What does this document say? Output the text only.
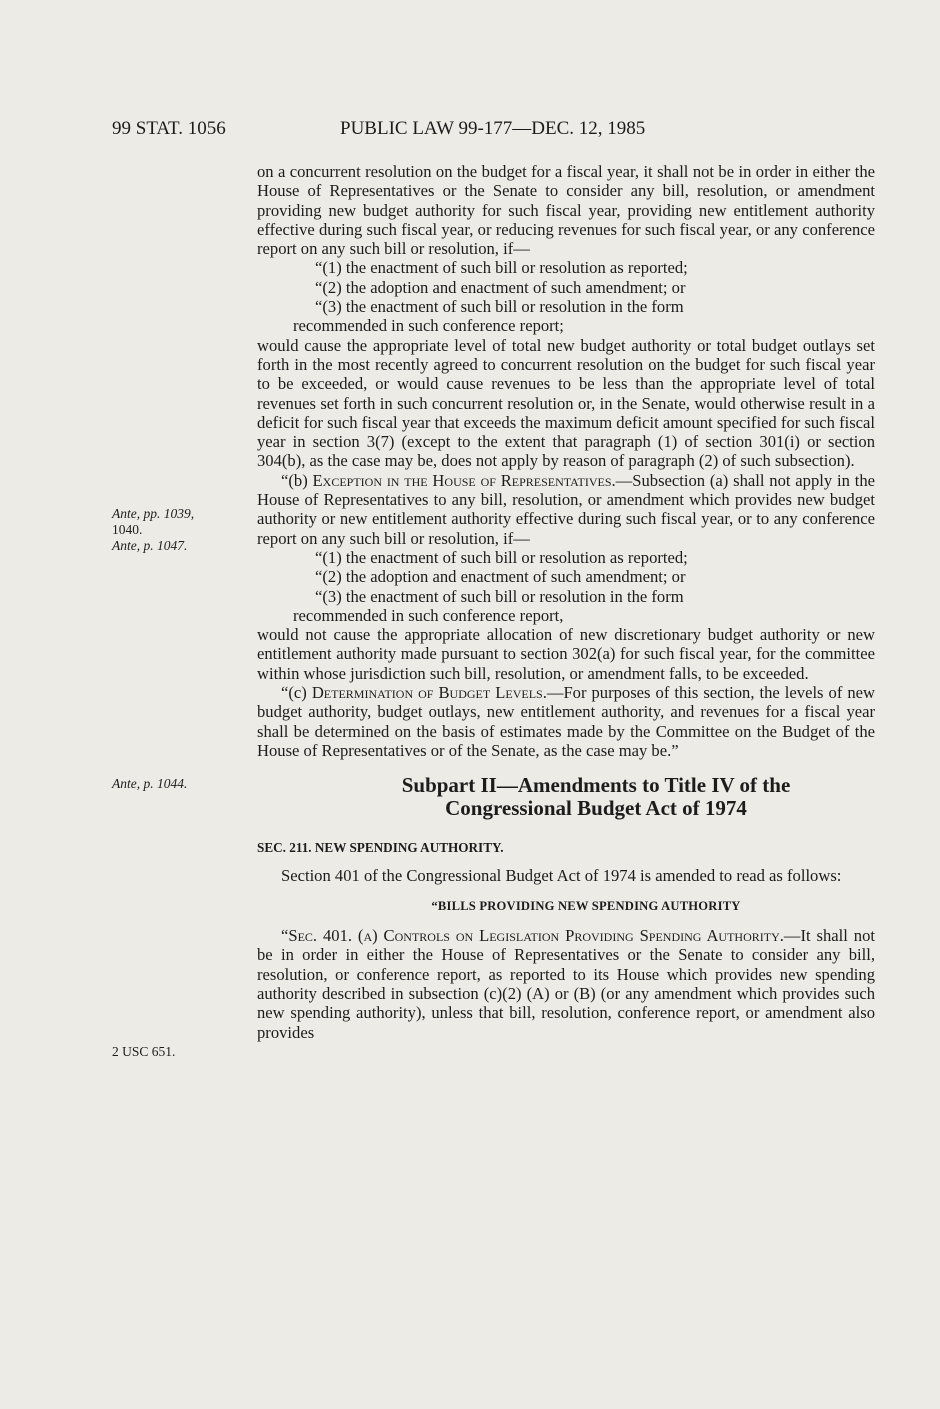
99 STAT. 1056	PUBLIC LAW 99-177—DEC. 12, 1985
Ante, pp. 1039,
1040.
Ante, p. 1047.
Ante, p. 1044.
2 USC 651.

on a concurrent resolution on the budget for a fiscal year, it shall not be in order in either the House of Representatives or the Senate to consider any bill, resolution, or amendment providing new budget authority for such fiscal year, providing new entitlement authority effective during such fiscal year, or reducing revenues for such fiscal year, or any conference report on any such bill or resolution, if—

“(1) the enactment of such bill or resolution as reported;

“(2) the adoption and enactment of such amendment; or

“(3) the enactment of such bill or resolution in the form

recommended in such conference report;

would cause the appropriate level of total new budget authority or total budget outlays set forth in the most recently agreed to concurrent resolution on the budget for such fiscal year to be exceeded, or would cause revenues to be less than the appropriate level of total revenues set forth in such concurrent resolution or, in the Senate, would otherwise result in a deficit for such fiscal year that exceeds the maximum deficit amount specified for such fiscal year in section 3(7) (except to the extent that paragraph (1) of section 301(i) or section 304(b), as the case may be, does not apply by reason of paragraph (2) of such subsection).

“(b) Exception in the House of Representatives.—Subsection (a) shall not apply in the House of Representatives to any bill, resolution, or amendment which provides new budget authority or new entitlement authority effective during such fiscal year, or to any conference report on any such bill or resolution, if—

“(1) the enactment of such bill or resolution as reported;

“(2) the adoption and enactment of such amendment; or

“(3) the enactment of such bill or resolution in the form

recommended in such conference report,

would not cause the appropriate allocation of new discretionary budget authority or new entitlement authority made pursuant to section 302(a) for such fiscal year, for the committee within whose jurisdiction such bill, resolution, or amendment falls, to be exceeded.

“(c) Determination of Budget Levels.—For purposes of this section, the levels of new budget authority, budget outlays, new entitlement authority, and revenues for a fiscal year shall be determined on the basis of estimates made by the Committee on the Budget of the House of Representatives or of the Senate, as the case may be.”

Subpart II—Amendments to Title IV of the
Congressional Budget Act of 1974
SEC. 211. NEW SPENDING AUTHORITY.

Section 401 of the Congressional Budget Act of 1974 is amended to read as follows:

“BILLS PROVIDING NEW SPENDING AUTHORITY

“Sec. 401. (a) Controls on Legislation Providing Spending Authority.—It shall not be in order in either the House of Representatives or the Senate to consider any bill, resolution, or conference report, as reported to its House which provides new spending authority described in subsection (c)(2) (A) or (B) (or any amendment which provides such new spending authority), unless that bill, resolution, conference report, or amendment also provides
